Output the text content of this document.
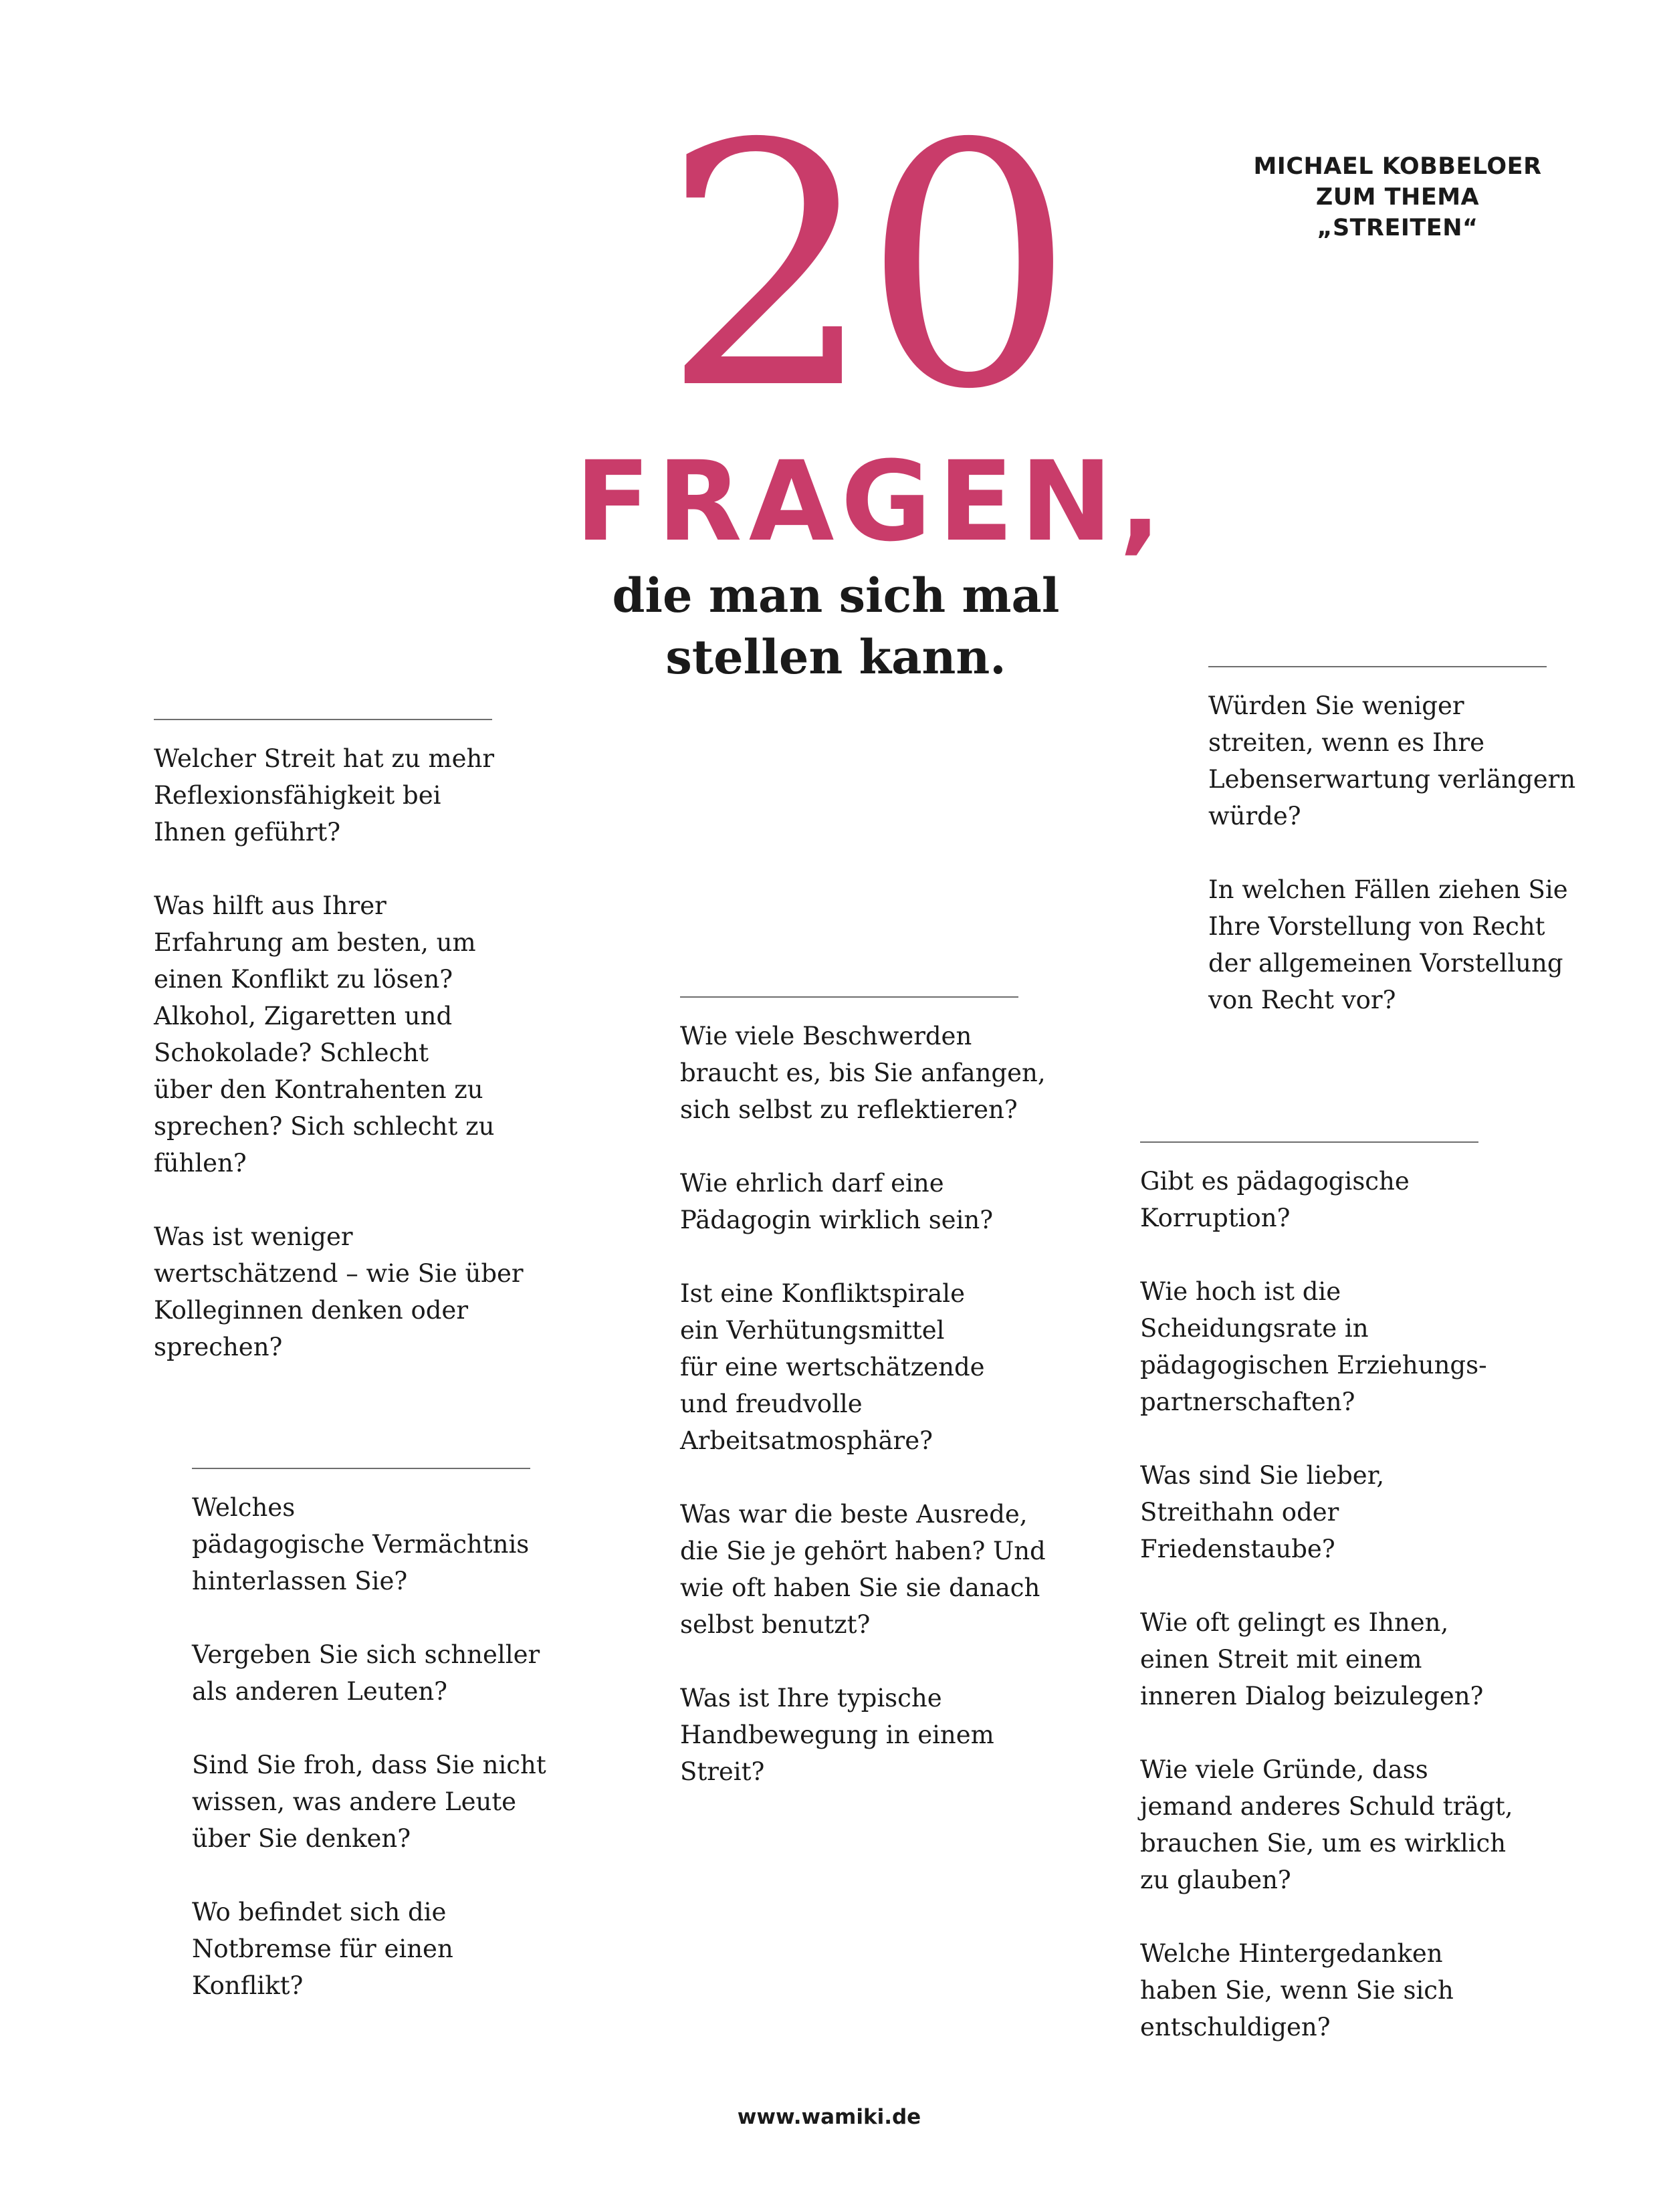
MICHAEL KOBBELOER
ZUM THEMA
„STREITEN“
20
FRAGEN,
die man sich mal
stellen kann.
Welcher Streit hat zu mehr
Reflexionsfähigkeit bei
Ihnen geführt?
Was hilft aus Ihrer
Erfahrung am besten, um
einen Konflikt zu lösen?
Alkohol, Zigaretten und
Schokolade? Schlecht
über den Kontrahenten zu
sprechen? Sich schlecht zu
fühlen?
Was ist weniger
wertschätzend – wie Sie über
Kolleginnen denken oder
sprechen?
Welches
pädagogische Vermächtnis
hinterlassen Sie?
Vergeben Sie sich schneller
als anderen Leuten?
Sind Sie froh, dass Sie nicht
wissen, was andere Leute
über Sie denken?
Wo befindet sich die
Notbremse für einen
Konflikt?
Wie viele Beschwerden
braucht es, bis Sie anfangen,
sich selbst zu reflektieren?
Wie ehrlich darf eine
Pädagogin wirklich sein?
Ist eine Konfliktspirale
ein Verhütungsmittel
für eine wertschätzende
und freudvolle
Arbeitsatmosphäre?
Was war die beste Ausrede,
die Sie je gehört haben? Und
wie oft haben Sie sie danach
selbst benutzt?
Was ist Ihre typische
Handbewegung in einem
Streit?
Würden Sie weniger
streiten, wenn es Ihre
Lebenserwartung verlängern
würde?
In welchen Fällen ziehen Sie
Ihre Vorstellung von Recht
der allgemeinen Vorstellung
von Recht vor?
Gibt es pädagogische
Korruption?
Wie hoch ist die
Scheidungsrate in
pädagogischen Erziehungs-
partnerschaften?
Was sind Sie lieber,
Streithahn oder
Friedenstaube?
Wie oft gelingt es Ihnen,
einen Streit mit einem
inneren Dialog beizulegen?
Wie viele Gründe, dass
jemand anderes Schuld trägt,
brauchen Sie, um es wirklich
zu glauben?
Welche Hintergedanken
haben Sie, wenn Sie sich
entschuldigen?
www.wamiki.de
